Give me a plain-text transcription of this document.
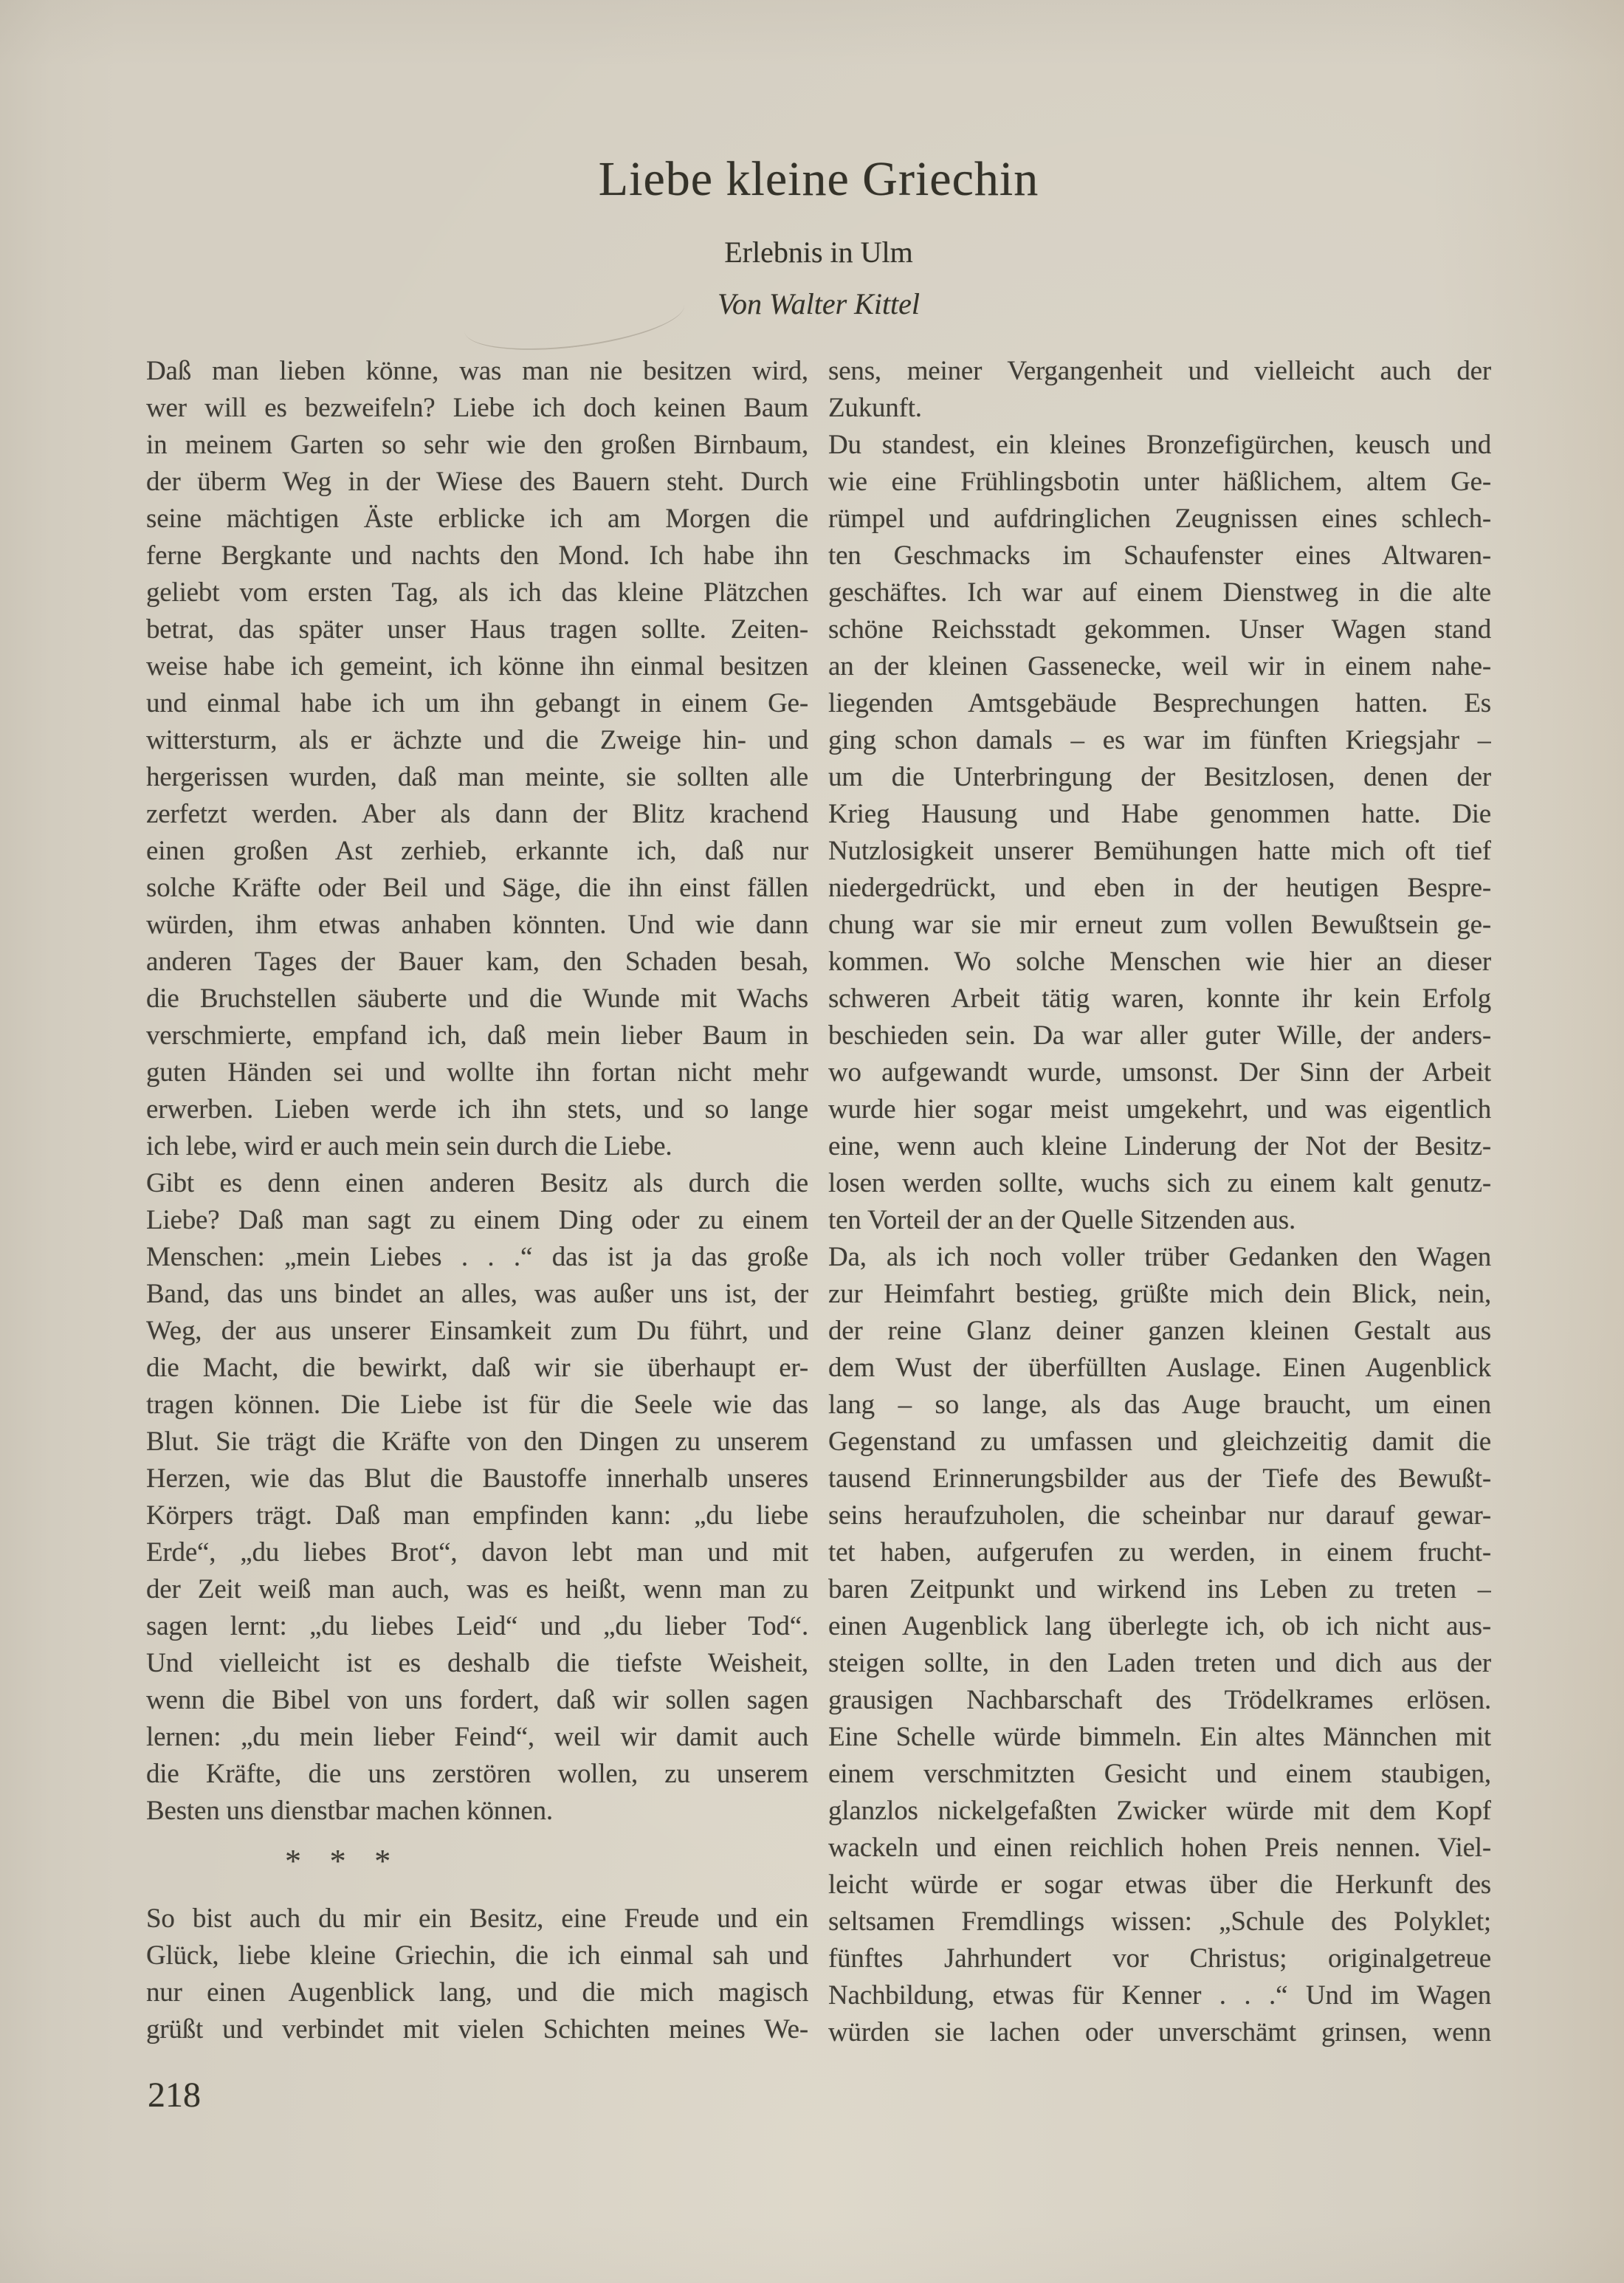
Liebe kleine Griechin
Erlebnis in Ulm
Von Walter Kittel
Daß man lieben könne, was man nie besitzen wird,
wer will es bezweifeln? Liebe ich doch keinen Baum
in meinem Garten so sehr wie den großen Birnbaum,
der überm Weg in der Wiese des Bauern steht. Durch
seine mächtigen Äste erblicke ich am Morgen die
ferne Bergkante und nachts den Mond. Ich habe ihn
geliebt vom ersten Tag, als ich das kleine Plätzchen
betrat, das später unser Haus tragen sollte. Zeiten-
weise habe ich gemeint, ich könne ihn einmal besitzen
und einmal habe ich um ihn gebangt in einem Ge-
wittersturm, als er ächzte und die Zweige hin- und
hergerissen wurden, daß man meinte, sie sollten alle
zerfetzt werden. Aber als dann der Blitz krachend
einen großen Ast zerhieb, erkannte ich, daß nur
solche Kräfte oder Beil und Säge, die ihn einst fällen
würden, ihm etwas anhaben könnten. Und wie dann
anderen Tages der Bauer kam, den Schaden besah,
die Bruchstellen säuberte und die Wunde mit Wachs
verschmierte, empfand ich, daß mein lieber Baum in
guten Händen sei und wollte ihn fortan nicht mehr
erwerben. Lieben werde ich ihn stets, und so lange
ich lebe, wird er auch mein sein durch die Liebe.
Gibt es denn einen anderen Besitz als durch die
Liebe? Daß man sagt zu einem Ding oder zu einem
Menschen: „mein Liebes . . .“ das ist ja das große
Band, das uns bindet an alles, was außer uns ist, der
Weg, der aus unserer Einsamkeit zum Du führt, und
die Macht, die bewirkt, daß wir sie überhaupt er-
tragen können. Die Liebe ist für die Seele wie das
Blut. Sie trägt die Kräfte von den Dingen zu unserem
Herzen, wie das Blut die Baustoffe innerhalb unseres
Körpers trägt. Daß man empfinden kann: „du liebe
Erde“, „du liebes Brot“, davon lebt man und mit
der Zeit weiß man auch, was es heißt, wenn man zu
sagen lernt: „du liebes Leid“ und „du lieber Tod“.
Und vielleicht ist es deshalb die tiefste Weisheit,
wenn die Bibel von uns fordert, daß wir sollen sagen
lernen: „du mein lieber Feind“, weil wir damit auch
die Kräfte, die uns zerstören wollen, zu unserem
Besten uns dienstbar machen können.
* * *
So bist auch du mir ein Besitz, eine Freude und ein
Glück, liebe kleine Griechin, die ich einmal sah und
nur einen Augenblick lang, und die mich magisch
grüßt und verbindet mit vielen Schichten meines We-
sens, meiner Vergangenheit und vielleicht auch der
Zukunft.
Du standest, ein kleines Bronzefigürchen, keusch und
wie eine Frühlingsbotin unter häßlichem, altem Ge-
rümpel und aufdringlichen Zeugnissen eines schlech-
ten Geschmacks im Schaufenster eines Altwaren-
geschäftes. Ich war auf einem Dienstweg in die alte
schöne Reichsstadt gekommen. Unser Wagen stand
an der kleinen Gassenecke, weil wir in einem nahe-
liegenden Amtsgebäude Besprechungen hatten. Es
ging schon damals – es war im fünften Kriegsjahr –
um die Unterbringung der Besitzlosen, denen der
Krieg Hausung und Habe genommen hatte. Die
Nutzlosigkeit unserer Bemühungen hatte mich oft tief
niedergedrückt, und eben in der heutigen Bespre-
chung war sie mir erneut zum vollen Bewußtsein ge-
kommen. Wo solche Menschen wie hier an dieser
schweren Arbeit tätig waren, konnte ihr kein Erfolg
beschieden sein. Da war aller guter Wille, der anders-
wo aufgewandt wurde, umsonst. Der Sinn der Arbeit
wurde hier sogar meist umgekehrt, und was eigentlich
eine, wenn auch kleine Linderung der Not der Besitz-
losen werden sollte, wuchs sich zu einem kalt genutz-
ten Vorteil der an der Quelle Sitzenden aus.
Da, als ich noch voller trüber Gedanken den Wagen
zur Heimfahrt bestieg, grüßte mich dein Blick, nein,
der reine Glanz deiner ganzen kleinen Gestalt aus
dem Wust der überfüllten Auslage. Einen Augenblick
lang – so lange, als das Auge braucht, um einen
Gegenstand zu umfassen und gleichzeitig damit die
tausend Erinnerungsbilder aus der Tiefe des Bewußt-
seins heraufzuholen, die scheinbar nur darauf gewar-
tet haben, aufgerufen zu werden, in einem frucht-
baren Zeitpunkt und wirkend ins Leben zu treten –
einen Augenblick lang überlegte ich, ob ich nicht aus-
steigen sollte, in den Laden treten und dich aus der
grausigen Nachbarschaft des Trödelkrames erlösen.
Eine Schelle würde bimmeln. Ein altes Männchen mit
einem verschmitzten Gesicht und einem staubigen,
glanzlos nickelgefaßten Zwicker würde mit dem Kopf
wackeln und einen reichlich hohen Preis nennen. Viel-
leicht würde er sogar etwas über die Herkunft des
seltsamen Fremdlings wissen: „Schule des Polyklet;
fünftes Jahrhundert vor Christus; originalgetreue
Nachbildung, etwas für Kenner . . .“ Und im Wagen
würden sie lachen oder unverschämt grinsen, wenn
218
